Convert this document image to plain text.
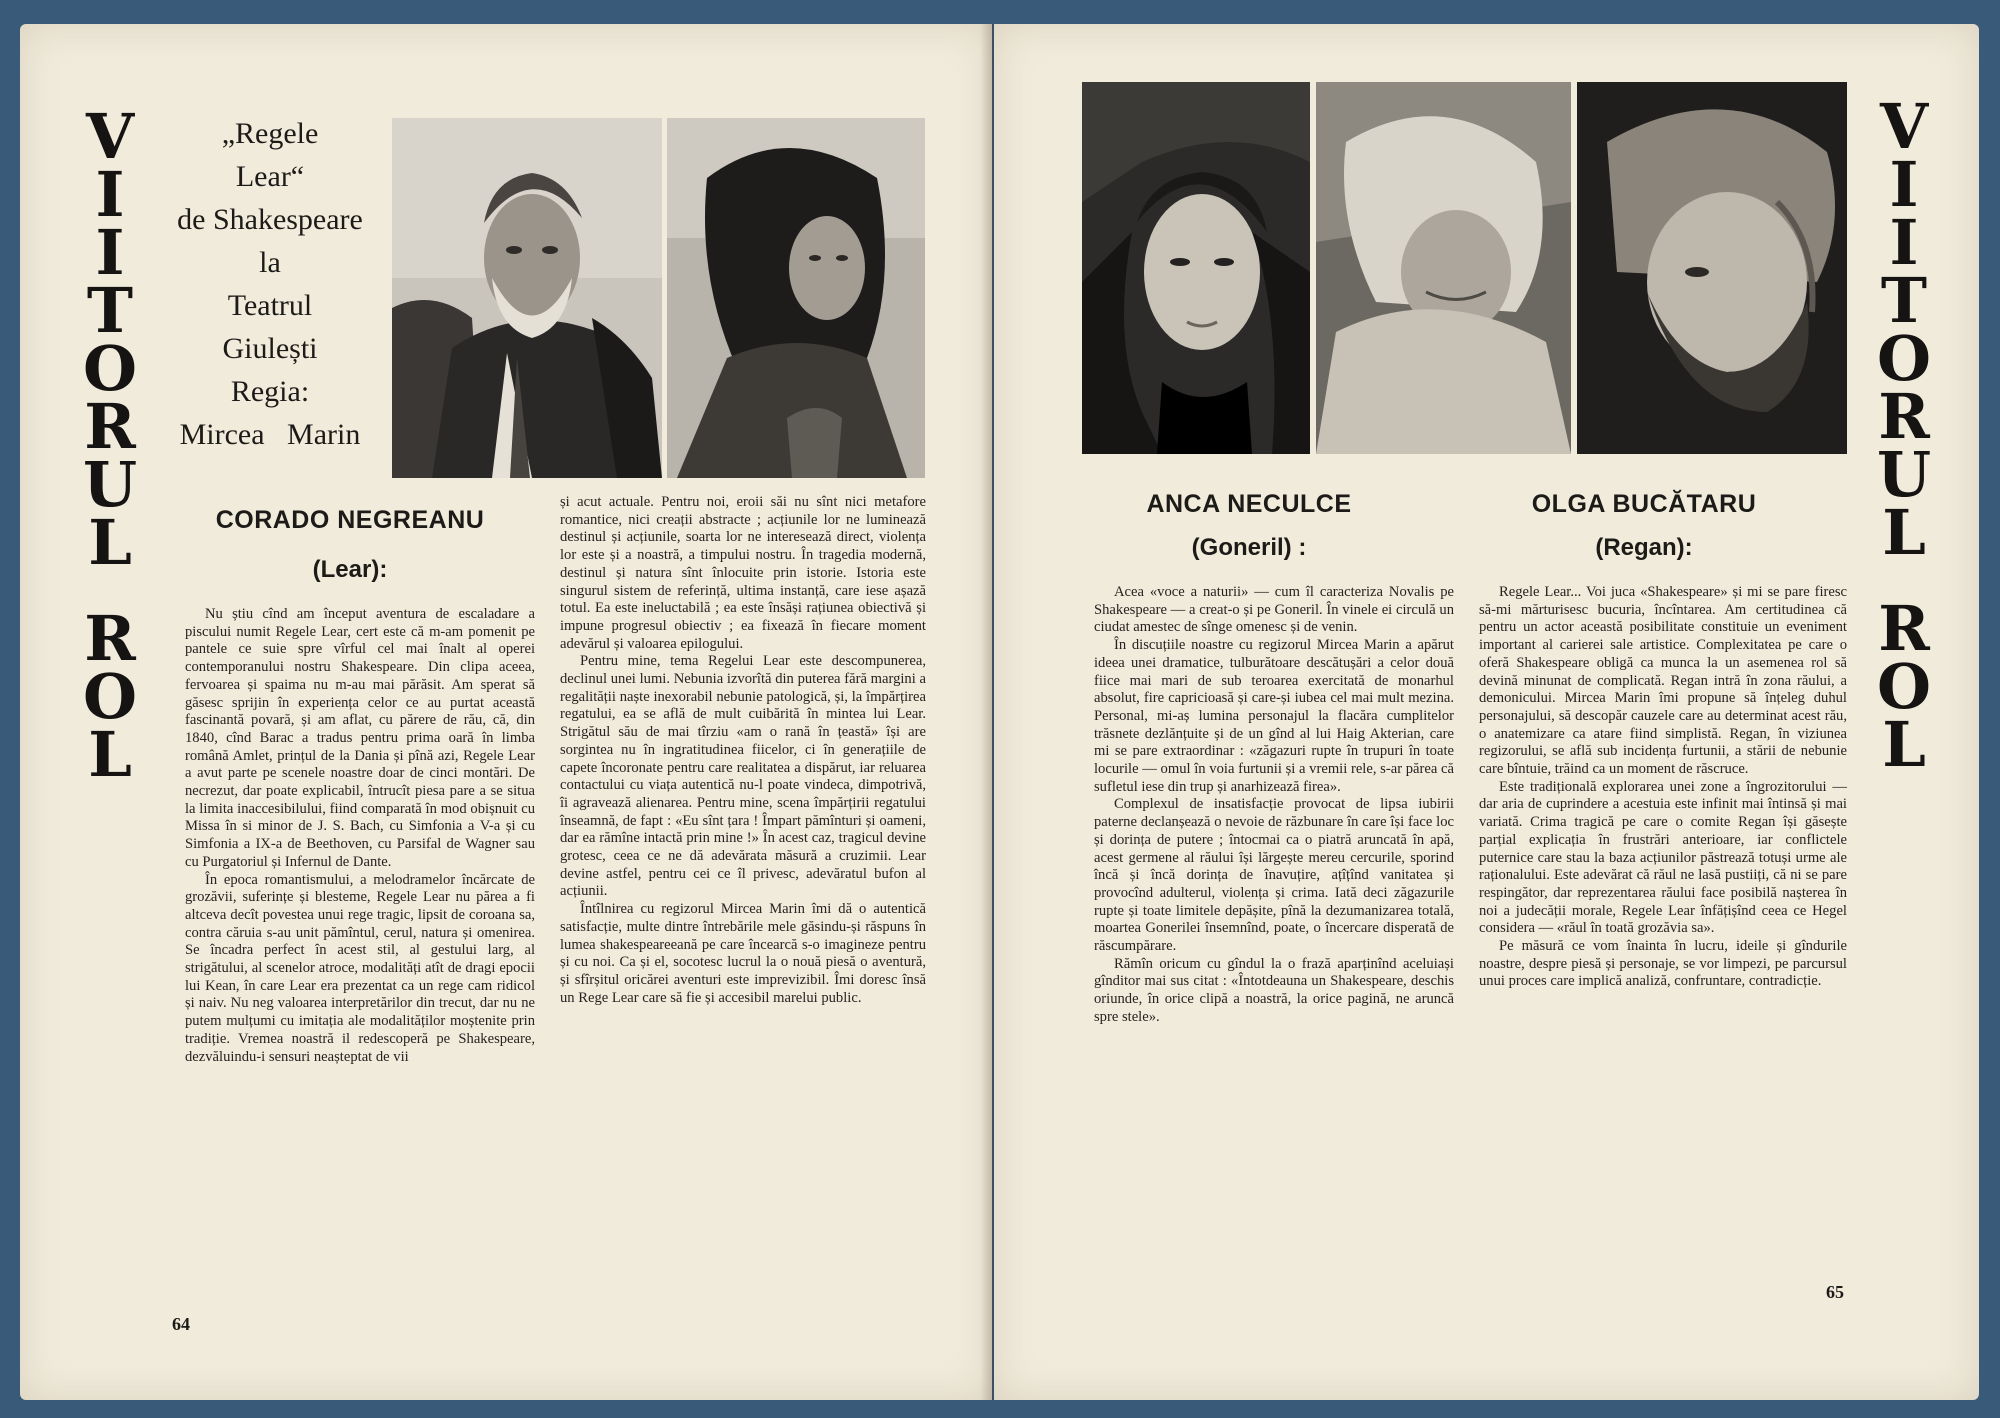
V
I
I
T
O
R
U
L
R
O
L
„Regele
Lear“
de Shakespeare
la
Teatrul
Giulești
Regia:
Mircea   Marin
CORADO NEGREANU
(Lear):

Nu știu cînd am început aventura de escaladare a piscului numit Regele Lear, cert este că m-am pomenit pe pantele ce suie spre vîrful cel mai înalt al operei contemporanului nostru Shakespeare. Din clipa aceea, fervoarea și spaima nu m-au mai părăsit. Am sperat să găsesc sprijin în experiența celor ce au purtat această fascinantă povară, și am aflat, cu părere de rău, că, din 1840, cînd Barac a tradus pentru prima oară în limba română Amlet, prințul de la Dania și pînă azi, Regele Lear a avut parte pe scenele noastre doar de cinci montări. De necrezut, dar poate explicabil, întrucît piesa pare a se situa la limita inaccesibilului, fiind comparată în mod obișnuit cu Missa în si minor de J. S. Bach, cu Simfonia a V-a și cu Simfonia a IX-a de Beethoven, cu Parsifal de Wagner sau cu Purgatoriul și Infernul de Dante.

În epoca romantismului, a melodramelor încărcate de grozăvii, suferințe și blesteme, Regele Lear nu părea a fi altceva decît povestea unui rege tragic, lipsit de coroana sa, contra căruia s-au unit pămîntul, cerul, natura și omenirea. Se încadra perfect în acest stil, al gestului larg, al strigătului, al scenelor atroce, modalități atît de dragi epocii lui Kean, în care Lear era prezentat ca un rege cam ridicol și naiv. Nu neg valoarea interpretărilor din trecut, dar nu ne putem mulțumi cu imitația ale modalităților moștenite prin tradiție. Vremea noastră il redescoperă pe Shakespeare, dezvăluindu-i sensuri neașteptat de vii

și acut actuale. Pentru noi, eroii săi nu sînt nici metafore romantice, nici creații abstracte ; acțiunile lor ne luminează destinul și acțiunile, soarta lor ne interesează direct, violența lor este și a noastră, a timpului nostru. În tragedia modernă, destinul și natura sînt înlocuite prin istorie. Istoria este singurul sistem de referință, ultima instanță, care iese așază totul. Ea este ineluctabilă ; ea este însăși rațiunea obiectivă și impune progresul obiectiv ; ea fixează în fiecare moment adevărul și valoarea epilogului.

Pentru mine, tema Regelui Lear este descompunerea, declinul unei lumi. Nebunia izvorîtă din puterea fără margini a regalității naște inexorabil nebunie patologică, și, la împărțirea regatului, ea se află de mult cuibărită în mintea lui Lear. Strigătul său de mai tîrziu «am o rană în țeastă» își are sorgintea nu în ingratitudinea fiicelor, ci în generațiile de capete încoronate pentru care realitatea a dispărut, iar reluarea contactului cu viața autentică nu-l poate vindeca, dimpotrivă, îi agravează alienarea. Pentru mine, scena împărțirii regatului înseamnă, de fapt : «Eu sînt țara ! Împart pămînturi și oameni, dar ea rămîne intactă prin mine !» În acest caz, tragicul devine grotesc, ceea ce ne dă adevărata măsură a cruzimii. Lear devine astfel, pentru cei ce îl privesc, adevăratul bufon al acțiunii.

Întîlnirea cu regizorul Mircea Marin îmi dă o autentică satisfacție, multe dintre întrebările mele găsindu-și răspuns în lumea shakespeareeană pe care încearcă s-o imagineze pentru și cu noi. Ca și el, socotesc lucrul la o nouă piesă o aventură, și sfîrșitul oricărei aventuri este imprevizibil. Îmi doresc însă un Rege Lear care să fie și accesibil marelui public.

64
V
I
I
T
O
R
U
L
R
O
L
ANCA NECULCE
(Goneril) :
OLGA BUCĂTARU
(Regan):

Acea «voce a naturii» — cum îl caracteriza Novalis pe Shakespeare — a creat-o și pe Goneril. În vinele ei circulă un ciudat amestec de sînge omenesc și de venin.

În discuțiile noastre cu regizorul Mircea Marin a apărut ideea unei dramatice, tulburătoare descătușări a celor două fiice mai mari de sub teroarea exercitată de monarhul absolut, fire capricioasă și care-și iubea cel mai mult mezina. Personal, mi-aș lumina personajul la flacăra cumplitelor trăsnete dezlănțuite și de un gînd al lui Haig Akterian, care mi se pare extraordinar : «zăgazuri rupte în trupuri în toate locurile — omul în voia furtunii și a vremii rele, s-ar părea că sufletul iese din trup și anarhizează firea».

Complexul de insatisfacție provocat de lipsa iubirii paterne declanșează o nevoie de răzbunare în care își face loc și dorința de putere ; întocmai ca o piatră aruncată în apă, acest germene al răului își lărgește mereu cercurile, sporind încă și încă dorința de înavuțire, ațîțînd vanitatea și provocînd adulterul, violența și crima. Iată deci zăgazurile rupte și toate limitele depășite, pînă la dezumanizarea totală, moartea Gonerilei însemnînd, poate, o încercare disperată de răscumpărare.

Rămîn oricum cu gîndul la o frază aparținînd aceluiași gînditor mai sus citat : «Întotdeauna un Shakespeare, deschis oriunde, în orice clipă a noastră, la orice pagină, ne aruncă spre stele».

Regele Lear... Voi juca «Shakespeare» și mi se pare firesc să-mi mărturisesc bucuria, încîntarea. Am certitudinea că pentru un actor această posibilitate constituie un eveniment important al carierei sale artistice. Complexitatea pe care o oferă Shakespeare obligă ca munca la un asemenea rol să devină minunat de complicată. Regan intră în zona răului, a demonicului. Mircea Marin îmi propune să înțeleg duhul personajului, să descopăr cauzele care au determinat acest rău, o anatemizare ca atare fiind simplistă. Regan, în viziunea regizorului, se află sub incidența furtunii, a stării de nebunie care bîntuie, trăind ca un moment de răscruce.

Este tradițională explorarea unei zone a îngrozitorului — dar aria de cuprindere a acestuia este infinit mai întinsă și mai variată. Crima tragică pe care o comite Regan își găsește parțial explicația în frustrări anterioare, iar conflictele puternice care stau la baza acțiunilor păstrează totuși urme ale raționalului. Este adevărat că răul ne lasă pustiiți, că ni se pare respingător, dar reprezentarea răului face posibilă nașterea în noi a judecății morale, Regele Lear înfățișînd ceea ce Hegel considera — «răul în toată grozăvia sa».

Pe măsură ce vom înainta în lucru, ideile și gîndurile noastre, despre piesă și personaje, se vor limpezi, pe parcursul unui proces care implică analiză, confruntare, contradicție.

65
